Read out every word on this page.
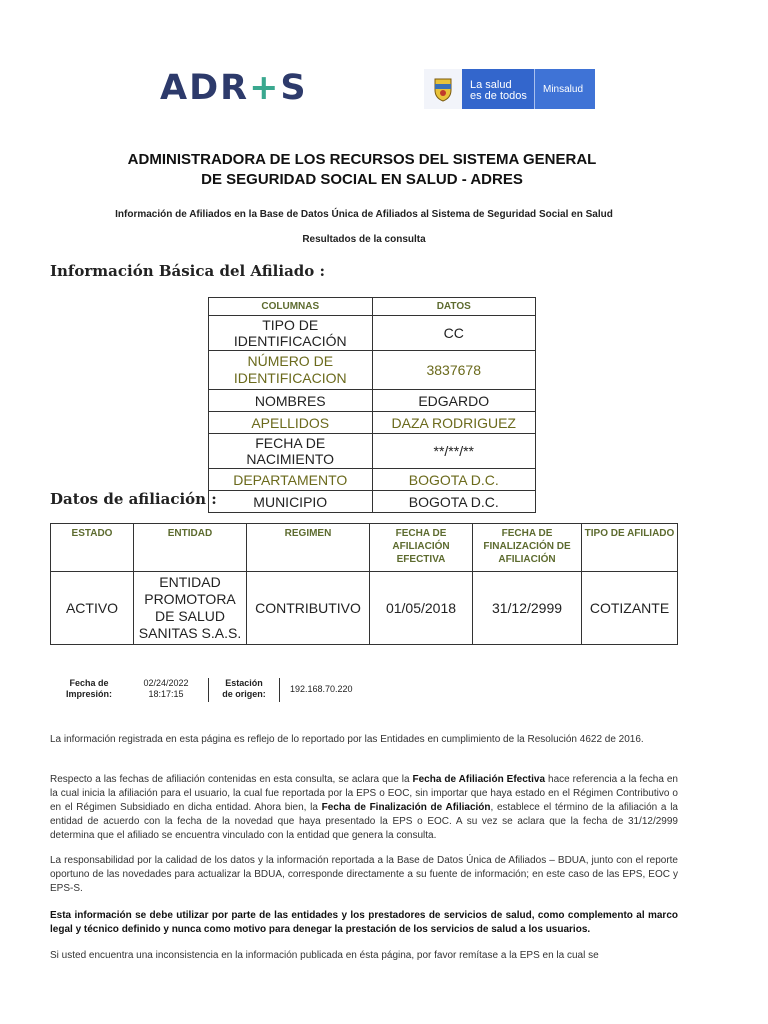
ADR+S	La salud
es de todos
Minsalud
ADMINISTRADORA DE LOS RECURSOS DEL SISTEMA GENERAL
DE SEGURIDAD SOCIAL EN SALUD - ADRES
Información de Afiliados en la Base de Datos Única de Afiliados al Sistema de Seguridad Social en Salud
Resultados de la consulta
Información Básica del Afiliado :
COLUMNAS	DATOS
TIPO DE IDENTIFICACIÓN	CC
NÚMERO DE IDENTIFICACION	3837678
NOMBRES	EDGARDO
APELLIDOS	DAZA RODRIGUEZ
FECHA DE NACIMIENTO	**/**/**
DEPARTAMENTO	BOGOTA D.C.
MUNICIPIO	BOGOTA D.C.
Datos de afiliación :
ESTADO	ENTIDAD	REGIMEN	FECHA DE AFILIACIÓN EFECTIVA	FECHA DE FINALIZACIÓN DE AFILIACIÓN	TIPO DE AFILIADO
ACTIVO	ENTIDAD PROMOTORA DE SALUD SANITAS S.A.S.	CONTRIBUTIVO	01/05/2018	31/12/2999	COTIZANTE
Fecha de Impresión:
02/24/2022
18:17:15
Estación de origen:	192.168.70.220
La información registrada en esta página es reflejo de lo reportado por las Entidades en cumplimiento de la Resolución 4622 de 2016.
Respecto a las fechas de afiliación contenidas en esta consulta, se aclara que la Fecha de Afiliación Efectiva hace referencia a la fecha en la cual inicia la afiliación para el usuario, la cual fue reportada por la EPS o EOC, sin importar que haya estado en el Régimen Contributivo o en el Régimen Subsidiado en dicha entidad. Ahora bien, la Fecha de Finalización de Afiliación, establece el término de la afiliación a la entidad de acuerdo con la fecha de la novedad que haya presentado la EPS o EOC. A su vez se aclara que la fecha de 31/12/2999 determina que el afiliado se encuentra vinculado con la entidad que genera la consulta.
La responsabilidad por la calidad de los datos y la información reportada a la Base de Datos Única de Afiliados – BDUA, junto con el reporte oportuno de las novedades para actualizar la BDUA, corresponde directamente a su fuente de información; en este caso de las EPS, EOC y EPS-S.
Esta información se debe utilizar por parte de las entidades y los prestadores de servicios de salud, como complemento al marco legal y técnico definido y nunca como motivo para denegar la prestación de los servicios de salud a los usuarios.
Si usted encuentra una inconsistencia en la información publicada en ésta página, por favor remítase a la EPS en la cual se
